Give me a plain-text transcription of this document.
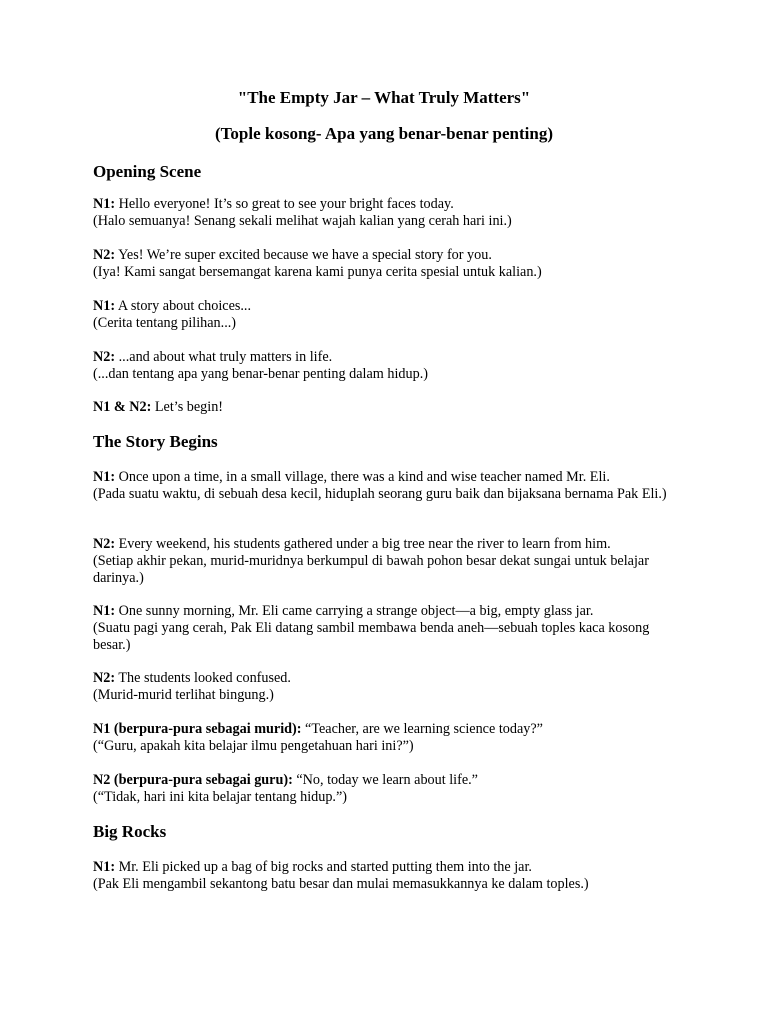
"The Empty Jar – What Truly Matters"
(Tople kosong- Apa yang benar-benar penting)
Opening Scene

N1: Hello everyone! It’s so great to see your bright faces today.
(Halo semuanya! Senang sekali melihat wajah kalian yang cerah hari ini.)

N2: Yes! We’re super excited because we have a special story for you.
(Iya! Kami sangat bersemangat karena kami punya cerita spesial untuk kalian.)

N1: A story about choices...
(Cerita tentang pilihan...)

N2: ...and about what truly matters in life.
(...dan tentang apa yang benar-benar penting dalam hidup.)

N1 & N2: Let’s begin!

The Story Begins

N1: Once upon a time, in a small village, there was a kind and wise teacher named Mr. Eli.
(Pada suatu waktu, di sebuah desa kecil, hiduplah seorang guru baik dan bijaksana bernama Pak Eli.)

N2: Every weekend, his students gathered under a big tree near the river to learn from him.
(Setiap akhir pekan, murid-muridnya berkumpul di bawah pohon besar dekat sungai untuk belajar darinya.)

N1: One sunny morning, Mr. Eli came carrying a strange object—a big, empty glass jar.
(Suatu pagi yang cerah, Pak Eli datang sambil membawa benda aneh—sebuah toples kaca kosong besar.)

N2: The students looked confused.
(Murid-murid terlihat bingung.)

N1 (berpura-pura sebagai murid): “Teacher, are we learning science today?”
(“Guru, apakah kita belajar ilmu pengetahuan hari ini?”)

N2 (berpura-pura sebagai guru): “No, today we learn about life.”
(“Tidak, hari ini kita belajar tentang hidup.”)

Big Rocks

N1: Mr. Eli picked up a bag of big rocks and started putting them into the jar.
(Pak Eli mengambil sekantong batu besar dan mulai memasukkannya ke dalam toples.)
